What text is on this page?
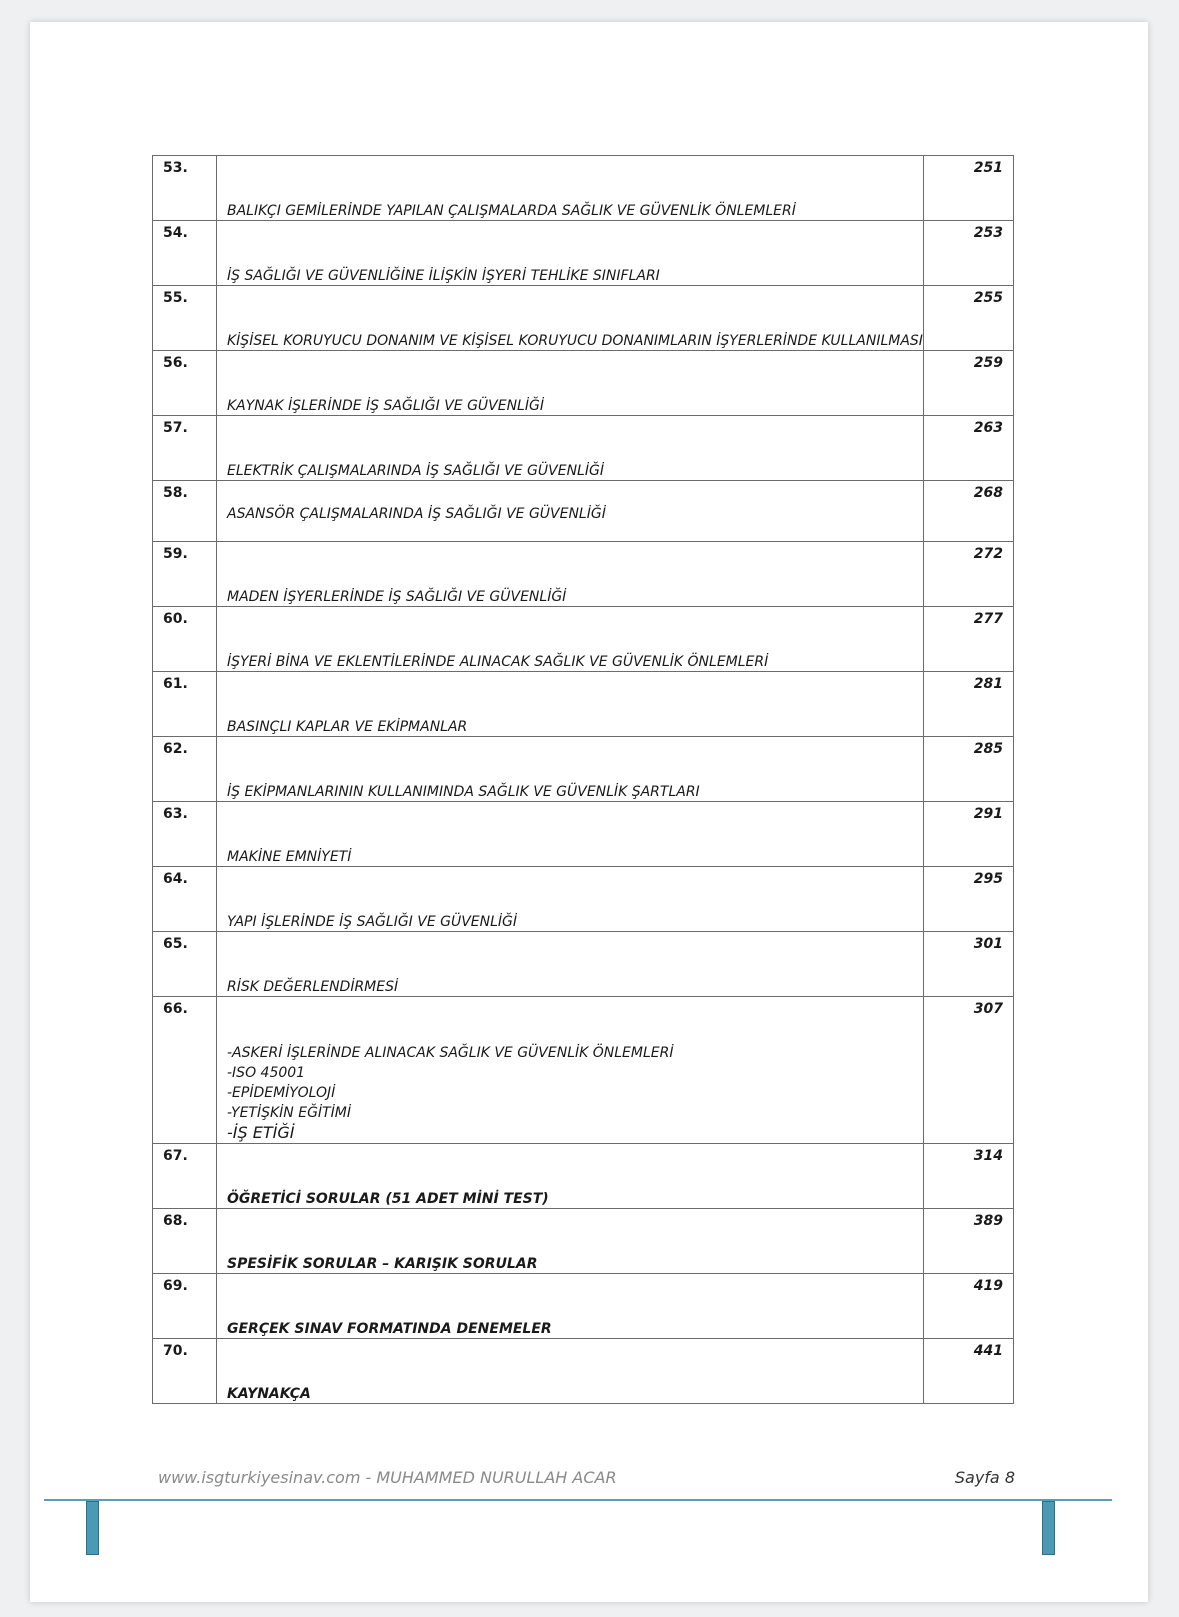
53.	BALIKÇI GEMİLERİNDE YAPILAN ÇALIŞMALARDA SAĞLIK VE GÜVENLİK ÖNLEMLERİ	251
54.	İŞ SAĞLIĞI VE GÜVENLİĞİNE İLİŞKİN İŞYERİ TEHLİKE SINIFLARI	253
55.	KİŞİSEL KORUYUCU DONANIM VE KİŞİSEL KORUYUCU DONANIMLARIN İŞYERLERİNDE KULLANILMASI	255
56.	KAYNAK İŞLERİNDE İŞ SAĞLIĞI VE GÜVENLİĞİ	259
57.	ELEKTRİK ÇALIŞMALARINDA İŞ SAĞLIĞI VE GÜVENLİĞİ	263
58.	ASANSÖR ÇALIŞMALARINDA İŞ SAĞLIĞI VE GÜVENLİĞİ	268
59.	MADEN İŞYERLERİNDE İŞ SAĞLIĞI VE GÜVENLİĞİ	272
60.	İŞYERİ BİNA VE EKLENTİLERİNDE ALINACAK SAĞLIK VE GÜVENLİK ÖNLEMLERİ	277
61.	BASINÇLI KAPLAR VE EKİPMANLAR	281
62.	İŞ EKİPMANLARININ KULLANIMINDA SAĞLIK VE GÜVENLİK ŞARTLARI	285
63.	MAKİNE EMNİYETİ	291
64.	YAPI İŞLERİNDE İŞ SAĞLIĞI VE GÜVENLİĞİ	295
65.	RİSK DEĞERLENDİRMESİ	301
66.	-ASKERİ İŞLERİNDE ALINACAK SAĞLIK VE GÜVENLİK ÖNLEMLERİ
-ISO 45001
-EPİDEMİYOLOJİ
-YETİŞKİN EĞİTİMİ
-İŞ ETİĞİ	307
67.	ÖĞRETİCİ SORULAR (51 ADET MİNİ TEST)	314
68.	SPESİFİK SORULAR – KARIŞIK SORULAR	389
69.	GERÇEK SINAV FORMATINDA DENEMELER	419
70.	KAYNAKÇA	441
www.isgturkiyesinav.com - MUHAMMED NURULLAH ACAR	Sayfa 8
